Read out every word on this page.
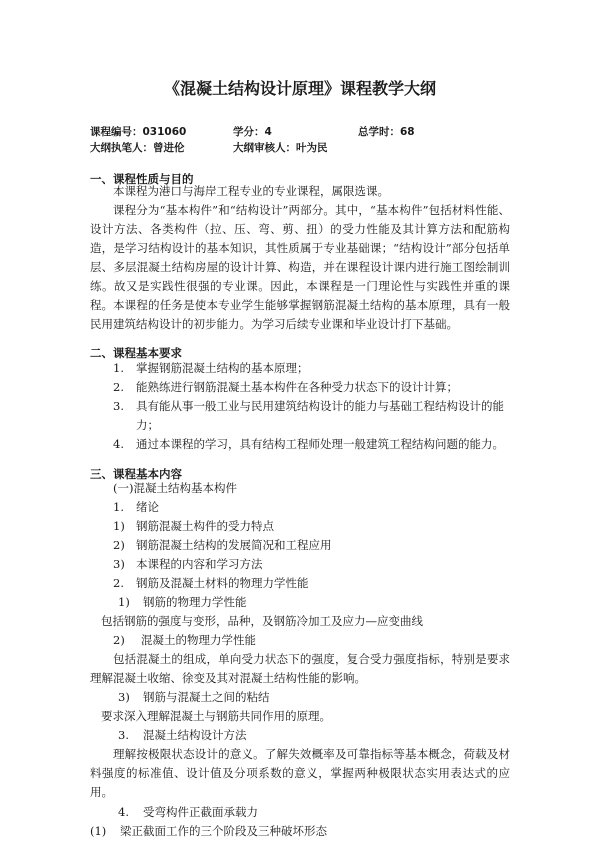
《混凝土结构设计原理》课程教学大纲
课程编号：031060	学分：4	总学时：68
大纲执笔人：曾进伦	大纲审核人：叶为民
一、课程性质与目的

本课程为港口与海岸工程专业的专业课程，属限选课。

课程分为“基本构件”和“结构设计”两部分。其中，“基本构件”包括材料性能、设计方法、各类构件（拉、压、弯、剪、扭）的受力性能及其计算方法和配筋构造，是学习结构设计的基本知识，其性质属于专业基础课；“结构设计”部分包括单层、多层混凝土结构房屋的设计计算、构造，并在课程设计课内进行施工图绘制训练。故又是实践性很强的专业课。因此，本课程是一门理论性与实践性并重的课程。 本课程的任务是使本专业学生能够掌握钢筋混凝土结构的基本原理，具有一般民用建筑结构设计的初步能力。为学习后续专业课和毕业设计打下基础。

二、课程基本要求
1. 掌握钢筋混凝土结构的基本原理；

2. 能熟练进行钢筋混凝土基本构件在各种受力状态下的设计计算；

3. 具有能从事一般工业与民用建筑结构设计的能力与基础工程结构设计的能力；

4. 通过本课程的学习，具有结构工程师处理一般建筑工程结构问题的能力。

三、课程基本内容

(一)混凝土结构基本构件

1. 绪论

1) 钢筋混凝土构件的受力特点

2) 钢筋混凝土结构的发展简况和工程应用

3) 本课程的内容和学习方法

2. 钢筋及混凝土材料的物理力学性能

1) 钢筋的物理力学性能

包括钢筋的强度与变形，品种，及钢筋冷加工及应力—应变曲线

2) 混凝土的物理力学性能

包括混凝土的组成，单向受力状态下的强度，复合受力强度指标，特别是要求理解混凝土收缩、徐变及其对混凝土结构性能的影响。

3) 钢筋与混凝土之间的粘结

要求深入理解混凝土与钢筋共同作用的原理。

3. 混凝土结构设计方法

理解按极限状态设计的意义。了解失效概率及可靠指标等基本概念，荷载及材料强度的标准值、设计值及分项系数的意义，掌握两种极限状态实用表达式的应用。

4. 受弯构件正截面承载力

(1) 梁正截面工作的三个阶段及三种破坏形态
